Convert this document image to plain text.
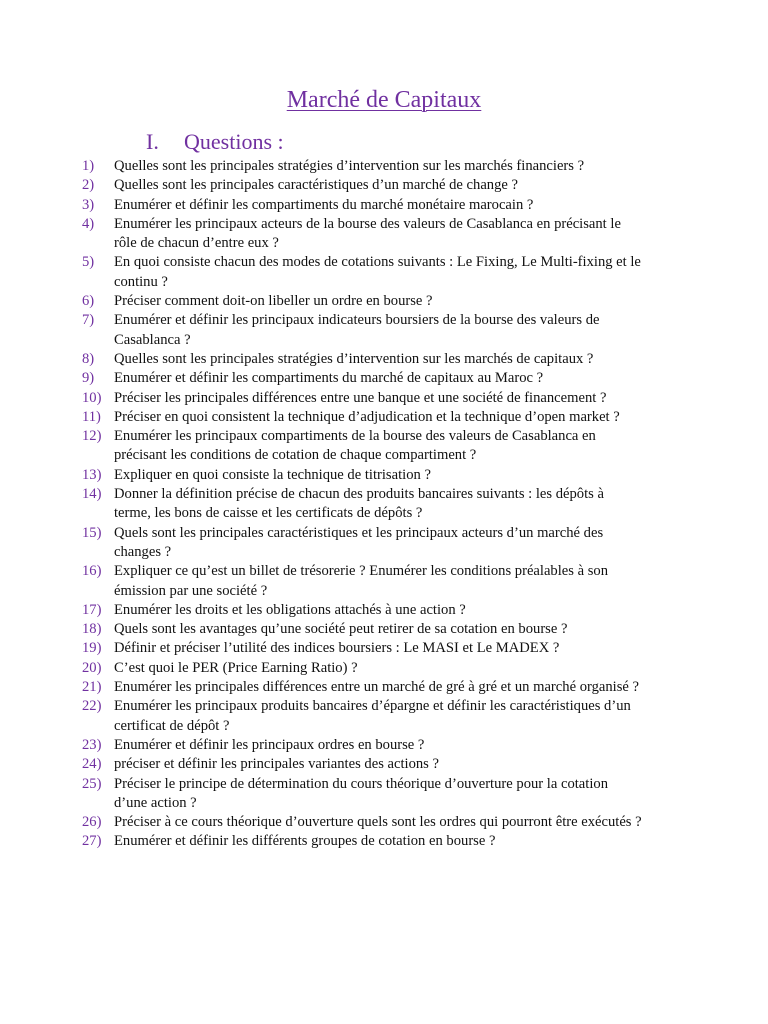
Marché de Capitaux
I. Questions :
1)	Quelles sont les principales stratégies d’intervention sur les marchés financiers ?
2)	Quelles sont les principales caractéristiques d’un marché de change ?
3)	Enumérer et définir les compartiments du marché monétaire marocain ?
4)	Enumérer les principaux acteurs de la bourse des valeurs de Casablanca en précisant le
rôle de chacun d’entre eux ?
5)	En quoi consiste chacun des modes de cotations suivants : Le Fixing, Le Multi-fixing et le
continu ?
6)	Préciser comment doit-on libeller un ordre en bourse ?
7)	Enumérer et définir les principaux indicateurs boursiers de la bourse des valeurs de
Casablanca ?
8)	Quelles sont les principales stratégies d’intervention sur les marchés de capitaux ?
9)	Enumérer et définir les compartiments du marché de capitaux au Maroc ?
10) Préciser les principales différences entre une banque et une société de financement ?
11) Préciser en quoi consistent la technique d’adjudication et la technique d’open market ?
12) Enumérer les principaux compartiments de la bourse des valeurs de Casablanca en
précisant les conditions de cotation de chaque compartiment ?
13) Expliquer en quoi consiste la technique de titrisation ?
14) Donner la définition précise de chacun des produits bancaires suivants : les dépôts à
terme, les bons de caisse et les certificats de dépôts ?
15) Quels sont les principales caractéristiques et les principaux acteurs d’un marché des
changes ?
16) Expliquer ce qu’est un billet de trésorerie ? Enumérer les conditions préalables à son
émission par une société ?
17) Enumérer les droits et les obligations attachés à une action ?
18) Quels sont les avantages qu’une société peut retirer de sa cotation en bourse ?
19) Définir et préciser l’utilité des indices boursiers : Le MASI et Le MADEX ?
20) C’est quoi le PER (Price Earning Ratio) ?
21) Enumérer les principales différences entre un marché de gré à gré et un marché organisé ?
22) Enumérer les principaux produits bancaires d’épargne et définir les caractéristiques d’un
certificat de dépôt ?
23) Enumérer et définir les principaux ordres en bourse ?
24) préciser et définir les principales variantes des actions ?
25) Préciser le principe de détermination du cours théorique d’ouverture pour la cotation
d’une action ?
26) Préciser à ce cours théorique d’ouverture quels sont les ordres qui pourront être exécutés ?
27) Enumérer et définir les différents groupes de cotation en bourse ?
